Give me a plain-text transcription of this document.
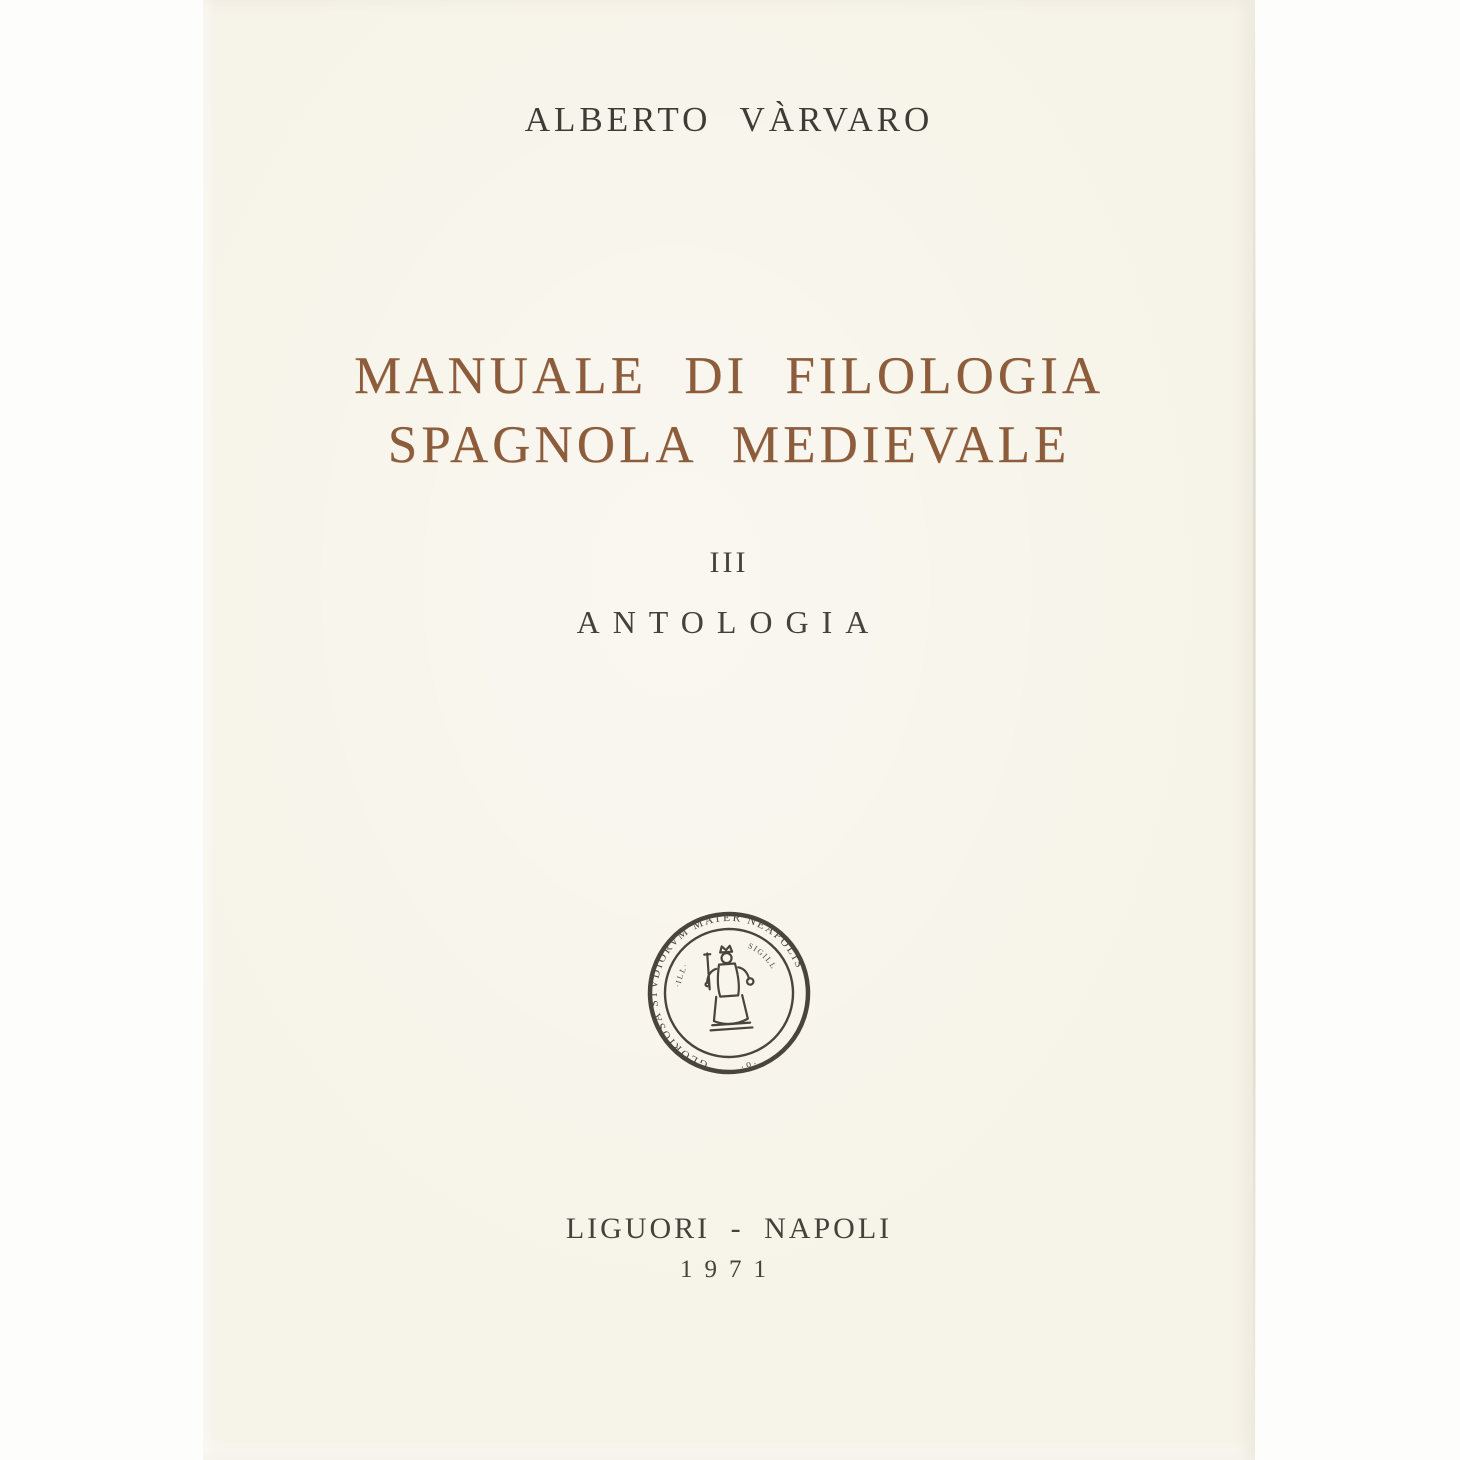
ALBERTO VÀRVARO
MANUALE DI FILOLOGIA
SPAGNOLA MEDIEVALE
III
ANTOLOGIA
GLORIOSA STVDIORVM MATER NEAPOLIS
∙ o ∙
∙ILL∙
SIGILL
LIGUORI - NAPOLI
1971
